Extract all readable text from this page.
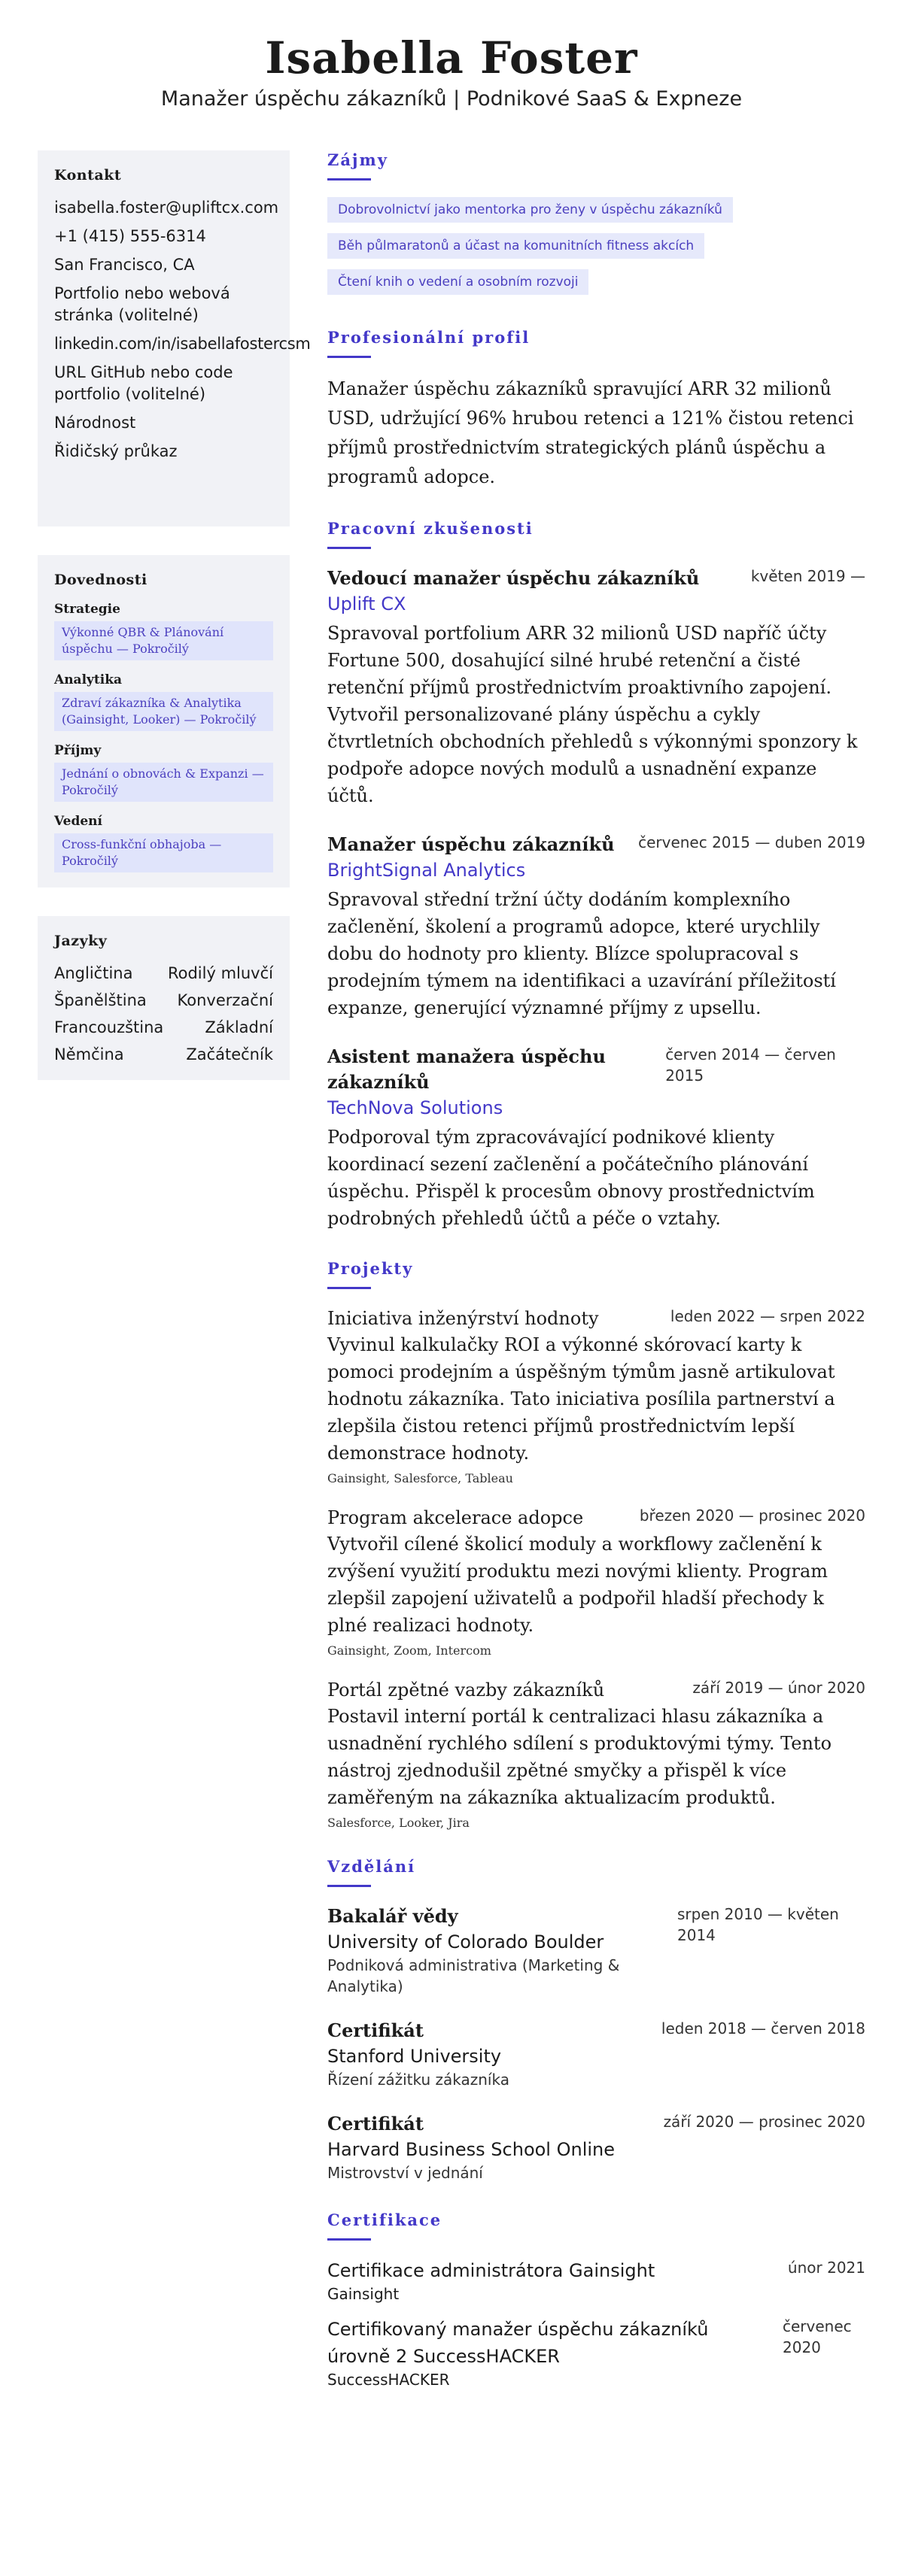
Isabella Foster
Manažer úspěchu zákazníků | Podnikové SaaS & Expneze
Kontakt
isabella.foster@upliftcx.com
+1 (415) 555-6314
San Francisco, CA
Portfolio nebo webová stránka (volitelné)
linkedin.com/in/isabellafostercsm
URL GitHub nebo code portfolio (volitelné)
Národnost
Řidičský průkaz
Dovednosti
Strategie
Výkonné QBR & Plánování úspěchu — Pokročilý
Analytika
Zdraví zákazníka & Analytika (Gainsight, Looker) — Pokročilý
Příjmy
Jednání o obnovách & Expanzi — Pokročilý
Vedení
Cross-funkční obhajoba — Pokročilý
Jazyky
Angličtina Rodilý mluvčí
Španělština Konverzační
Francouzština	Základní
Němčina	Začátečník
Zájmy
Dobrovolnictví jako mentorka pro ženy v úspěchu zákazníků
Běh půlmaratonů a účast na komunitních fitness akcích
Čtení knih o vedení a osobním rozvoji
Profesionální profil
Manažer úspěchu zákazníků spravující ARR 32 milionů USD, udržující 96% hrubou retenci a 121% čistou retenci příjmů prostřednictvím strategických plánů úspěchu a programů adopce.
Pracovní zkušenosti
Vedoucí manažer úspěchu zákazníků	květen 2019 —
Uplift CX
Spravoval portfolium ARR 32 milionů USD napříč účty Fortune 500, dosahující silné hrubé retenční a čisté retenční příjmů prostřednictvím proaktivního zapojení. Vytvořil personalizované plány úspěchu a cykly čtvrtletních obchodních přehledů s výkonnými sponzory k podpoře adopce nových modulů a usnadnění expanze účtů.
Manažer úspěchu zákazníků červenec 2015 — duben 2019
BrightSignal Analytics
Spravoval střední tržní účty dodáním komplexního začlenění, školení a programů adopce, které urychlily dobu do hodnoty pro klienty. Blízce spolupracoval s prodejním týmem na identifikaci a uzavírání příležitostí expanze, generující významné příjmy z upsellu.
Asistent manažera úspěchu zákazníků
červen 2014 — červen 2015
TechNova Solutions
Podporoval tým zpracovávající podnikové klienty koordinací sezení začlenění a počátečního plánování úspěchu. Přispěl k procesům obnovy prostřednictvím podrobných přehledů účtů a péče o vztahy.
Projekty
Iniciativa inženýrství hodnoty	leden 2022 — srpen 2022
Vyvinul kalkulačky ROI a výkonné skórovací karty k pomoci prodejním a úspěšným týmům jasně artikulovat hodnotu zákazníka. Tato iniciativa posílila partnerství a zlepšila čistou retenci příjmů prostřednictvím lepší demonstrace hodnoty.
Gainsight, Salesforce, Tableau
Program akcelerace adopce	březen 2020 — prosinec 2020
Vytvořil cílené školicí moduly a workflowy začlenění k zvýšení využití produktu mezi novými klienty. Program zlepšil zapojení uživatelů a podpořil hladší přechody k plné realizaci hodnoty.
Gainsight, Zoom, Intercom
Portál zpětné vazby zákazníků	září 2019 — únor 2020
Postavil interní portál k centralizaci hlasu zákazníka a usnadnění rychlého sdílení s produktovými týmy. Tento nástroj zjednodušil zpětné smyčky a přispěl k více zaměřeným na zákazníka aktualizacím produktů.
Salesforce, Looker, Jira
Vzdělání
Bakalář vědy
University of Colorado Boulder
Podniková administrativa (Marketing & Analytika)
srpen 2010 — květen 2014
Certifikát
Stanford University
Řízení zážitku zákazníka
leden 2018 — červen 2018
Certifikát
Harvard Business School Online
Mistrovství v jednání
září 2020 — prosinec 2020
Certifikace
Certifikace administrátora Gainsight
Gainsight
únor 2021
Certifikovaný manažer úspěchu zákazníků úrovně 2 SuccessHACKER
SuccessHACKER
červenec 2020
